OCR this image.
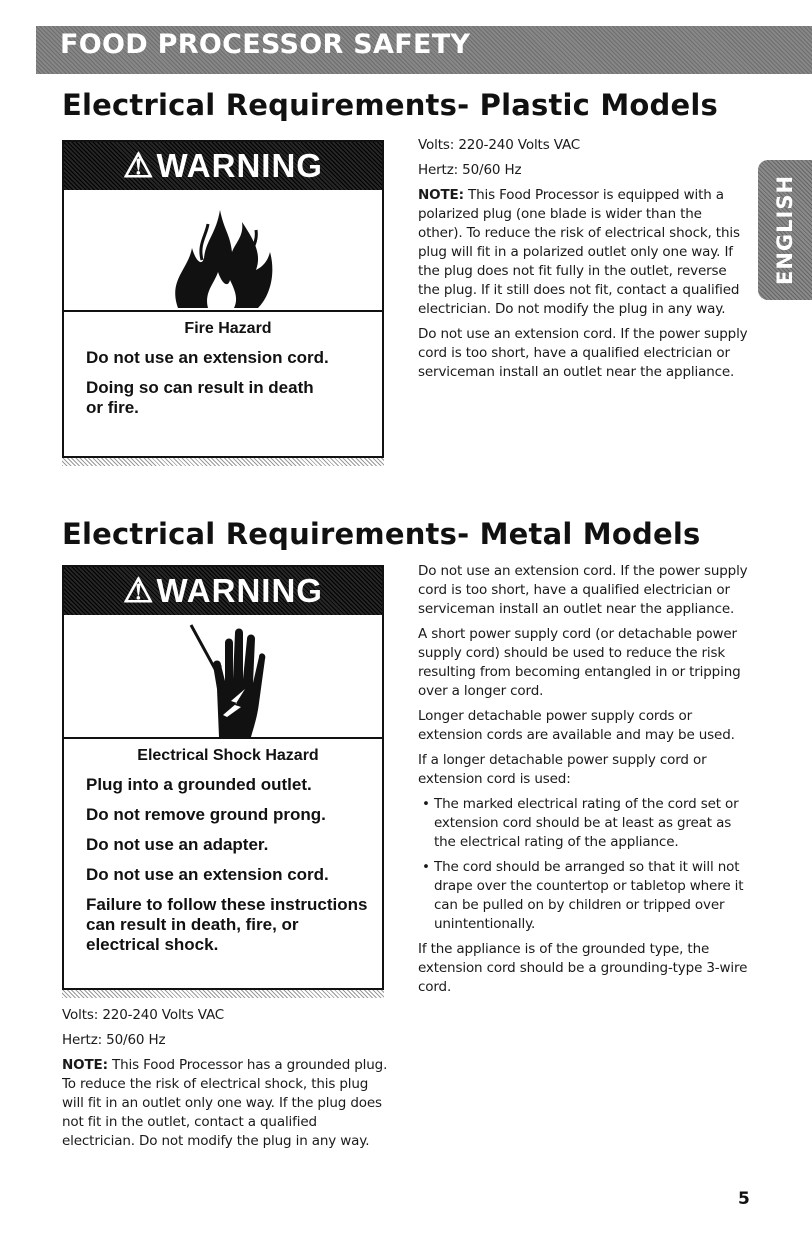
FOOD PROCESSOR SAFETY
ENGLISH
Electrical Requirements- Plastic Models
⚠ WARNING
Fire Hazard
Do not use an extension cord.
Doing so can result in death
or fire.

Volts: 220-240 Volts VAC

Hertz: 50/60 Hz

NOTE: This Food Processor is equipped with a polarized plug (one blade is wider than the other). To reduce the risk of electrical shock, this plug will fit in a polarized outlet only one way. If the plug does not fit fully in the outlet, reverse the plug. If it still does not fit, contact a qualified electrician. Do not modify the plug in any way.

Do not use an extension cord. If the power supply cord is too short, have a qualified electrician or serviceman install an outlet near the appliance.

Electrical Requirements- Metal Models
⚠ WARNING
Electrical Shock Hazard
Plug into a grounded outlet.
Do not remove ground prong.
Do not use an adapter.
Do not use an extension cord.
Failure to follow these instructions can result in death, fire, or electrical shock.

Volts: 220-240 Volts VAC

Hertz: 50/60 Hz

NOTE: This Food Processor has a grounded plug. To reduce the risk of electrical shock, this plug will fit in an outlet only one way. If the plug does not fit in the outlet, contact a qualified electrician. Do not modify the plug in any way.

Do not use an extension cord. If the power supply cord is too short, have a qualified electrician or serviceman install an outlet near the appliance.

A short power supply cord (or detachable power supply cord) should be used to reduce the risk resulting from becoming entangled in or tripping over a longer cord.

Longer detachable power supply cords or extension cords are available and may be used.

If a longer detachable power supply cord or extension cord is used:

• The marked electrical rating of the cord set or extension cord should be at least as great as the electrical rating of the appliance.
• The cord should be arranged so that it will not drape over the countertop or tabletop where it can be pulled on by children or tripped over unintentionally.

If the appliance is of the grounded type, the extension cord should be a grounding-type 3-wire cord.

5
